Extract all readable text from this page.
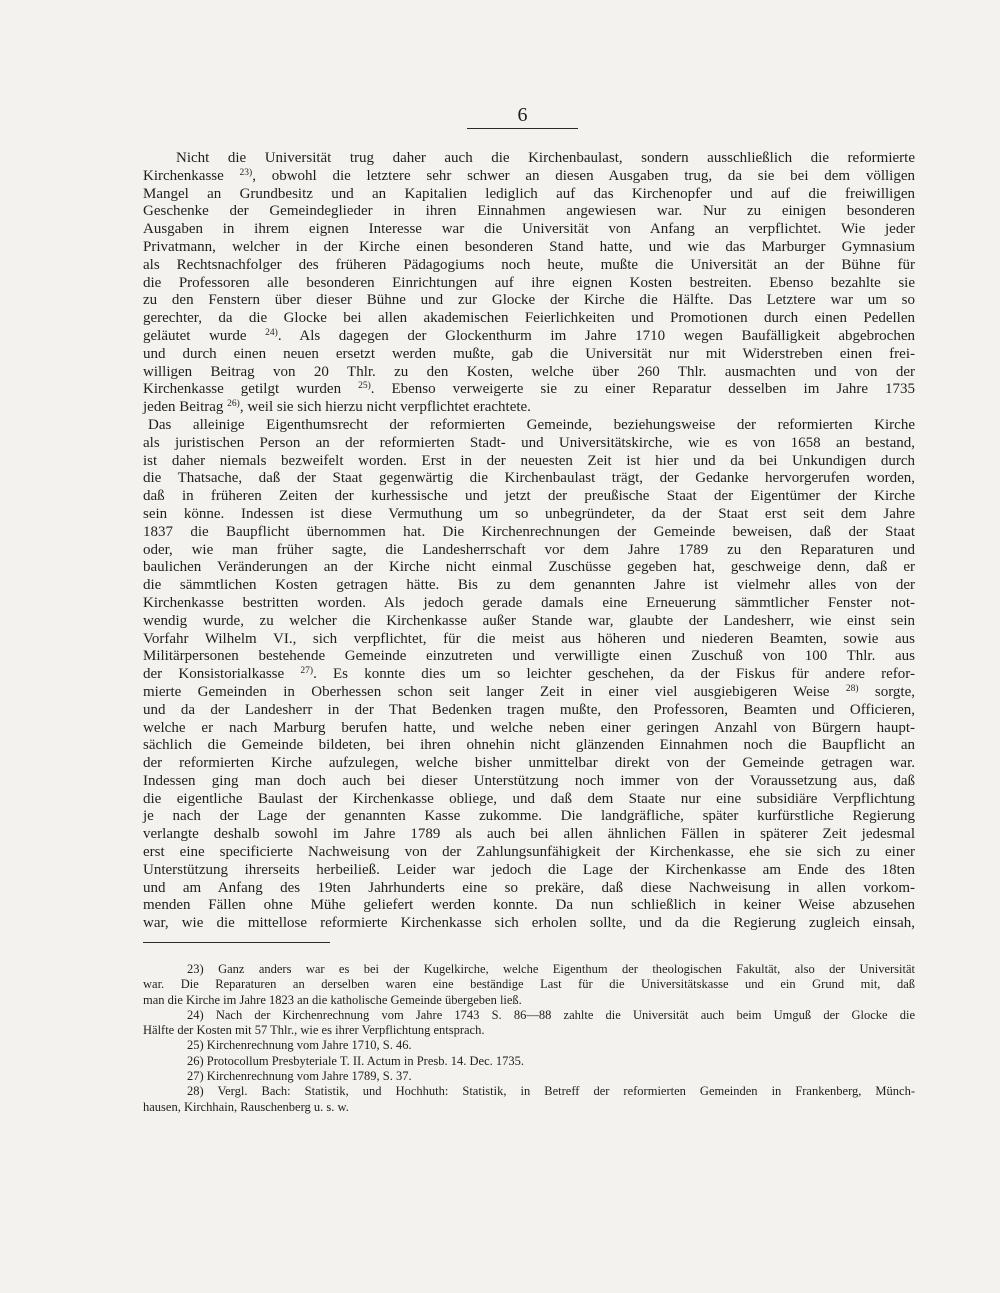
6
Nicht die Universität trug daher auch die Kirchenbaulast, sondern ausschließlich die reformierte
Kirchenkasse $^{23)}$, obwohl die letztere sehr schwer an diesen Ausgaben trug, da sie bei dem völligen
Mangel an Grundbesitz und an Kapitalien lediglich auf das Kirchenopfer und auf die freiwilligen
Geschenke der Gemeindeglieder in ihren Einnahmen angewiesen war. Nur zu einigen besonderen
Ausgaben in ihrem eignen Interesse war die Universität von Anfang an verpflichtet. Wie jeder
Privatmann, welcher in der Kirche einen besonderen Stand hatte, und wie das Marburger Gymnasium
als Rechtsnachfolger des früheren Pädagogiums noch heute, mußte die Universität an der Bühne für
die Professoren alle besonderen Einrichtungen auf ihre eignen Kosten bestreiten. Ebenso bezahlte sie
zu den Fenstern über dieser Bühne und zur Glocke der Kirche die Hälfte. Das Letztere war um so
gerechter, da die Glocke bei allen akademischen Feierlichkeiten und Promotionen durch einen Pedellen
geläutet wurde $^{24)}$. Als dagegen der Glockenthurm im Jahre 1710 wegen Baufälligkeit abgebrochen
und durch einen neuen ersetzt werden mußte, gab die Universität nur mit Widerstreben einen frei-
willigen Beitrag von 20 Thlr. zu den Kosten, welche über 260 Thlr. ausmachten und von der
Kirchenkasse getilgt wurden $^{25)}$. Ebenso verweigerte sie zu einer Reparatur desselben im Jahre 1735
jeden Beitrag $^{26)}$, weil sie sich hierzu nicht verpflichtet erachtete.
Das alleinige Eigenthumsrecht der reformierten Gemeinde, beziehungsweise der reformierten Kirche
als juristischen Person an der reformierten Stadt- und Universitätskirche, wie es von 1658 an bestand,
ist daher niemals bezweifelt worden. Erst in der neuesten Zeit ist hier und da bei Unkundigen durch
die Thatsache, daß der Staat gegenwärtig die Kirchenbaulast trägt, der Gedanke hervorgerufen worden,
daß in früheren Zeiten der kurhessische und jetzt der preußische Staat der Eigentümer der Kirche
sein könne. Indessen ist diese Vermuthung um so unbegründeter, da der Staat erst seit dem Jahre
1837 die Baupflicht übernommen hat. Die Kirchenrechnungen der Gemeinde beweisen, daß der Staat
oder, wie man früher sagte, die Landesherrschaft vor dem Jahre 1789 zu den Reparaturen und
baulichen Veränderungen an der Kirche nicht einmal Zuschüsse gegeben hat, geschweige denn, daß er
die sämmtlichen Kosten getragen hätte. Bis zu dem genannten Jahre ist vielmehr alles von der
Kirchenkasse bestritten worden. Als jedoch gerade damals eine Erneuerung sämmtlicher Fenster not-
wendig wurde, zu welcher die Kirchenkasse außer Stande war, glaubte der Landesherr, wie einst sein
Vorfahr Wilhelm VI., sich verpflichtet, für die meist aus höheren und niederen Beamten, sowie aus
Militärpersonen bestehende Gemeinde einzutreten und verwilligte einen Zuschuß von 100 Thlr. aus
der Konsistorialkasse $^{27)}$. Es konnte dies um so leichter geschehen, da der Fiskus für andere refor-
mierte Gemeinden in Oberhessen schon seit langer Zeit in einer viel ausgiebigeren Weise $^{28)}$ sorgte,
und da der Landesherr in der That Bedenken tragen mußte, den Professoren, Beamten und Officieren,
welche er nach Marburg berufen hatte, und welche neben einer geringen Anzahl von Bürgern haupt-
sächlich die Gemeinde bildeten, bei ihren ohnehin nicht glänzenden Einnahmen noch die Baupflicht an
der reformierten Kirche aufzulegen, welche bisher unmittelbar direkt von der Gemeinde getragen war.
Indessen ging man doch auch bei dieser Unterstützung noch immer von der Voraussetzung aus, daß
die eigentliche Baulast der Kirchenkasse obliege, und daß dem Staate nur eine subsidiäre Verpflichtung
je nach der Lage der genannten Kasse zukomme. Die landgräfliche, später kurfürstliche Regierung
verlangte deshalb sowohl im Jahre 1789 als auch bei allen ähnlichen Fällen in späterer Zeit jedesmal
erst eine specificierte Nachweisung von der Zahlungsunfähigkeit der Kirchenkasse, ehe sie sich zu einer
Unterstützung ihrerseits herbeiließ. Leider war jedoch die Lage der Kirchenkasse am Ende des 18ten
und am Anfang des 19ten Jahrhunderts eine so prekäre, daß diese Nachweisung in allen vorkom-
menden Fällen ohne Mühe geliefert werden konnte. Da nun schließlich in keiner Weise abzusehen
war, wie die mittellose reformierte Kirchenkasse sich erholen sollte, und da die Regierung zugleich einsah,
23) Ganz anders war es bei der Kugelkirche, welche Eigenthum der theologischen Fakultät, also der Universität
war. Die Reparaturen an derselben waren eine beständige Last für die Universitätskasse und ein Grund mit, daß
man die Kirche im Jahre 1823 an die katholische Gemeinde übergeben ließ.
24) Nach der Kirchenrechnung vom Jahre 1743 S. 86—88 zahlte die Universität auch beim Umguß der Glocke die
Hälfte der Kosten mit 57 Thlr., wie es ihrer Verpflichtung entsprach.
25) Kirchenrechnung vom Jahre 1710, S. 46.
26) Protocollum Presbyteriale T. II. Actum in Presb. 14. Dec. 1735.
27) Kirchenrechnung vom Jahre 1789, S. 37.
28) Vergl. Bach: Statistik, und Hochhuth: Statistik, in Betreff der reformierten Gemeinden in Frankenberg, Münch-
hausen, Kirchhain, Rauschenberg u. s. w.
